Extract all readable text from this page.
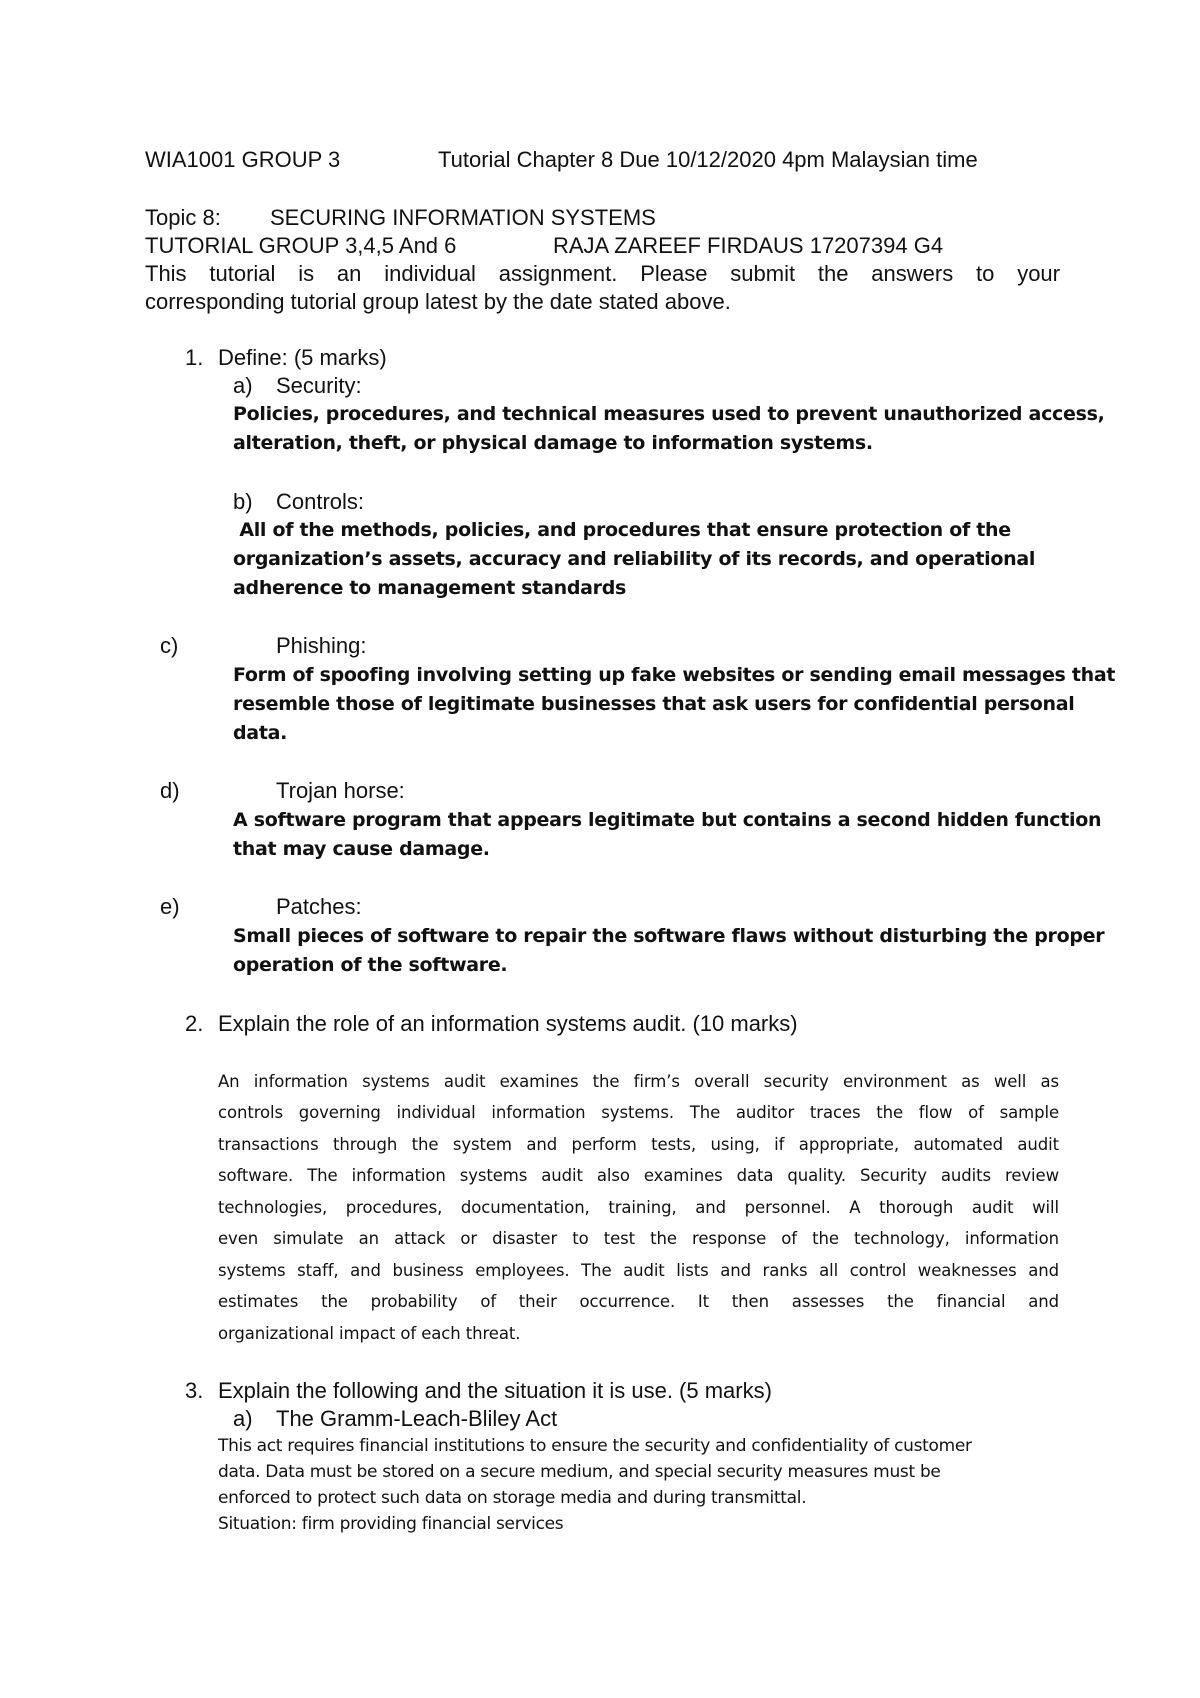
WIA1001 GROUP 3	Tutorial Chapter 8 Due 10/12/2020 4pm Malaysian time
Topic 8: SECURING INFORMATION SYSTEMS
TUTORIAL GROUP 3,4,5 And 6	RAJA ZAREEF FIRDAUS 17207394 G4
This tutorial is an individual assignment. Please submit the answers to your
corresponding tutorial group latest by the date stated above.
1. Define: (5 marks)
a) Security:
Policies, procedures, and technical measures used to prevent unauthorized access,
alteration, theft, or physical damage to information systems.
b) Controls:
All of the methods, policies, and procedures that ensure protection of the
organization’s assets, accuracy and reliability of its records, and operational
adherence to management standards
c)	Phishing:
Form of spoofing involving setting up fake websites or sending email messages that
resemble those of legitimate businesses that ask users for confidential personal
data.
d)	Trojan horse:
A software program that appears legitimate but contains a second hidden function
that may cause damage.
e)	Patches:
Small pieces of software to repair the software flaws without disturbing the proper
operation of the software.
2. Explain the role of an information systems audit. (10 marks)
An information systems audit examines the firm’s overall security environment as well as
controls governing individual information systems. The auditor traces the flow of sample
transactions through the system and perform tests, using, if appropriate, automated audit
software. The information systems audit also examines data quality. Security audits review
technologies, procedures, documentation, training, and personnel. A thorough audit will
even simulate an attack or disaster to test the response of the technology, information
systems staff, and business employees. The audit lists and ranks all control weaknesses and
estimates the probability of their occurrence. It then assesses the financial and
organizational impact of each threat.
3. Explain the following and the situation it is use. (5 marks)
a) The Gramm-Leach-Bliley Act
This act requires financial institutions to ensure the security and confidentiality of customer
data. Data must be stored on a secure medium, and special security measures must be
enforced to protect such data on storage media and during transmittal.
Situation: firm providing financial services
